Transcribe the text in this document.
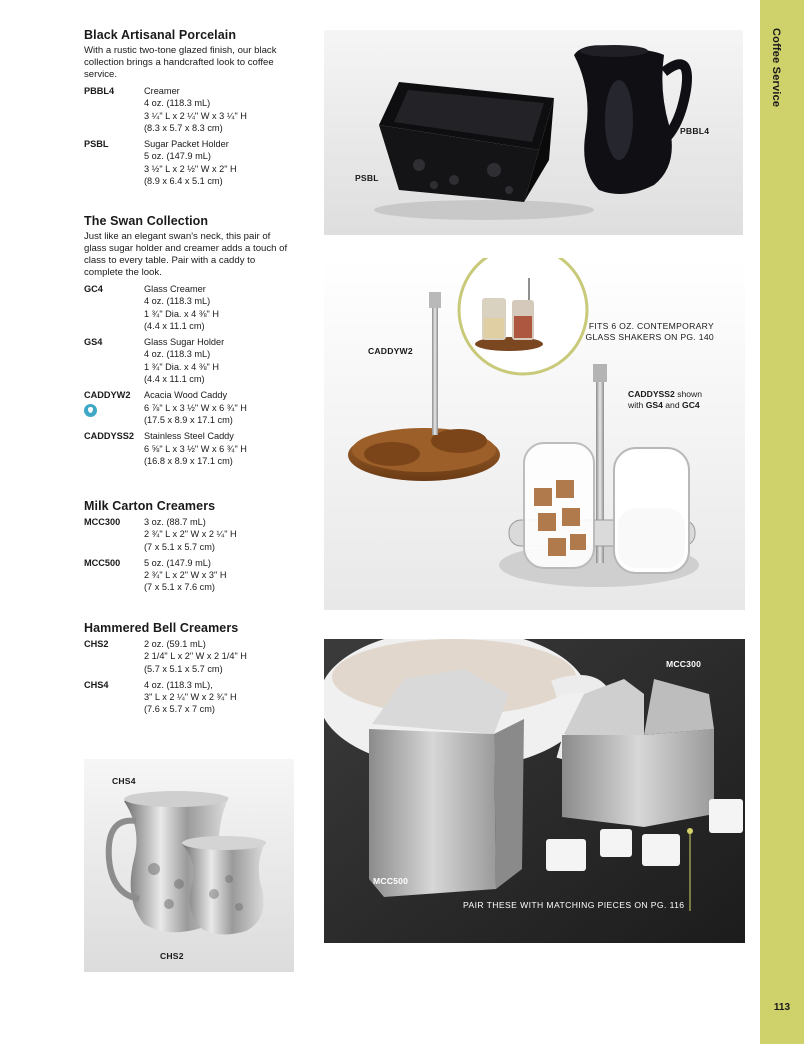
Coffee Service
113
Black Artisanal Porcelain
With a rustic two-tone glazed finish, our black collection brings a handcrafted look to coffee service.
PBBL4	Creamer
4 oz. (118.3 mL)
3 ¼" L x 2 ¼" W x 3 ¼" H
(8.3 x 5.7 x 8.3 cm)
PSBL	Sugar Packet Holder
5 oz. (147.9 mL)
3 ½" L x 2 ½" W x 2" H
(8.9 x 6.4 x 5.1 cm)
The Swan Collection
Just like an elegant swan's neck, this pair of glass sugar holder and creamer adds a touch of class to every table. Pair with a caddy to complete the look.
GC4	Glass Creamer
4 oz. (118.3 mL)
1 ¾" Dia. x 4 ⅜" H
(4.4 x 11.1 cm)
GS4	Glass Sugar Holder
4 oz. (118.3 mL)
1 ¾" Dia. x 4 ⅜" H
(4.4 x 11.1 cm)
CADDYW2	Acacia Wood Caddy
6 ⅞" L x 3 ½" W x 6 ¾" H
(17.5 x 8.9 x 17.1 cm)
CADDYSS2	Stainless Steel Caddy
6 ⅝" L x 3 ½" W x 6 ¾" H
(16.8 x 8.9 x 17.1 cm)
Milk Carton Creamers
MCC300	3 oz. (88.7 mL)
2 ¾" L x 2" W x 2 ¼" H
(7 x 5.1 x 5.7 cm)
MCC500	5 oz. (147.9 mL)
2 ¾" L x 2" W x 3" H
(7 x 5.1 x 7.6 cm)
Hammered Bell Creamers
CHS2	2 oz. (59.1 mL)
2 1/4" L x 2" W x 2 1/4" H
(5.7 x 5.1 x 5.7 cm)
CHS4	4 oz. (118.3 mL),
3" L x 2 ¼" W x 2 ¾" H
(7.6 x 5.7 x 7 cm)
PSBL
PBBL4
CADDYW2
FITS 6 OZ. CONTEMPORARY
GLASS SHAKERS ON PG. 140
CADDYSS2 shown
with GS4 and GC4
MCC300
MCC500
PAIR THESE WITH MATCHING PIECES ON PG. 116
CHS4
CHS2
